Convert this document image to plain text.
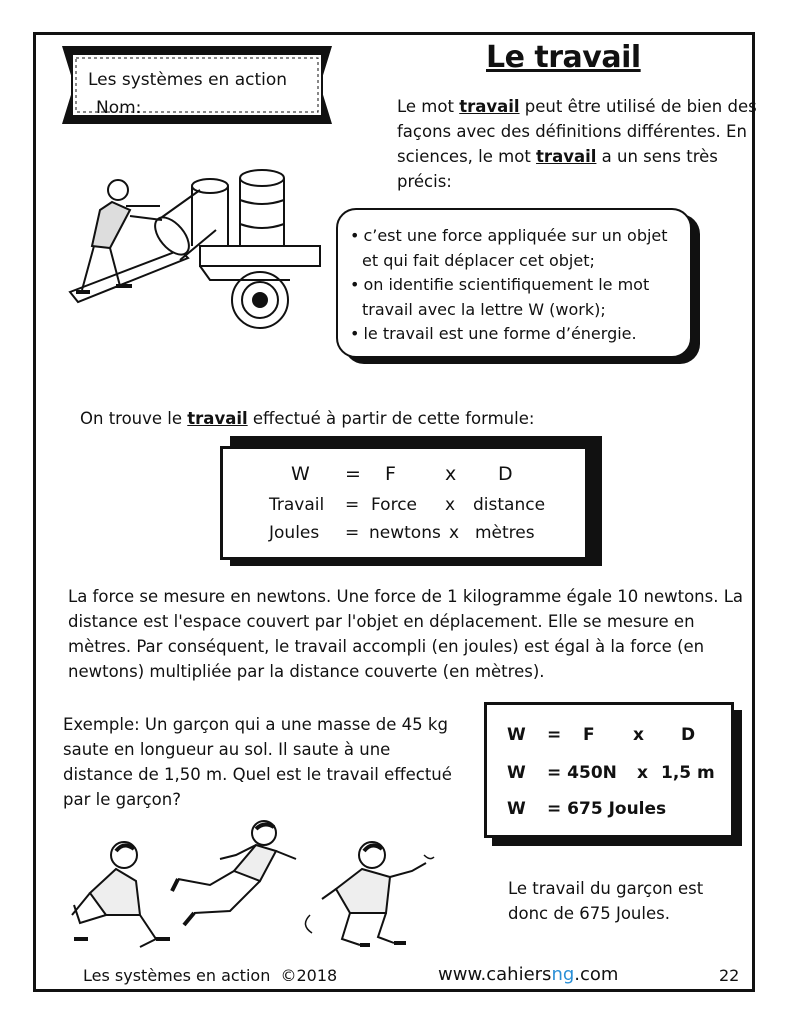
Les systèmes en action
Nom:
Le travail
Le mot travail peut être utilisé de bien des façons avec des définitions différentes. En sciences, le mot travail a un sens très précis:
• c’est une force appliquée sur un objet et qui fait déplacer cet objet;
• on identifie scientifiquement le mot travail avec la lettre W (work);
• le travail est une forme d’énergie.
On trouve le travail effectué à partir de cette formule:
W = F	x D
Travail = Force x distance
Joules = newtons x mètres
La force se mesure en newtons. Une force de 1 kilogramme égale 10 newtons. La distance est l'espace couvert par l'objet en déplacement. Elle se mesure en mètres. Par conséquent, le travail accompli (en joules) est égal à la force (en newtons) multipliée par la distance couverte (en mètres).
Exemple: Un garçon qui a une masse de 45 kg saute en longueur au sol. Il saute à une distance de 1,50 m. Quel est le travail effectué par le garçon?
W = F x D
W = 450N x 1,5 m
W = 675 Joules
Le travail du garçon est donc de 675 Joules.
Les systèmes en action  ©2018	www.cahiersng.com	22
